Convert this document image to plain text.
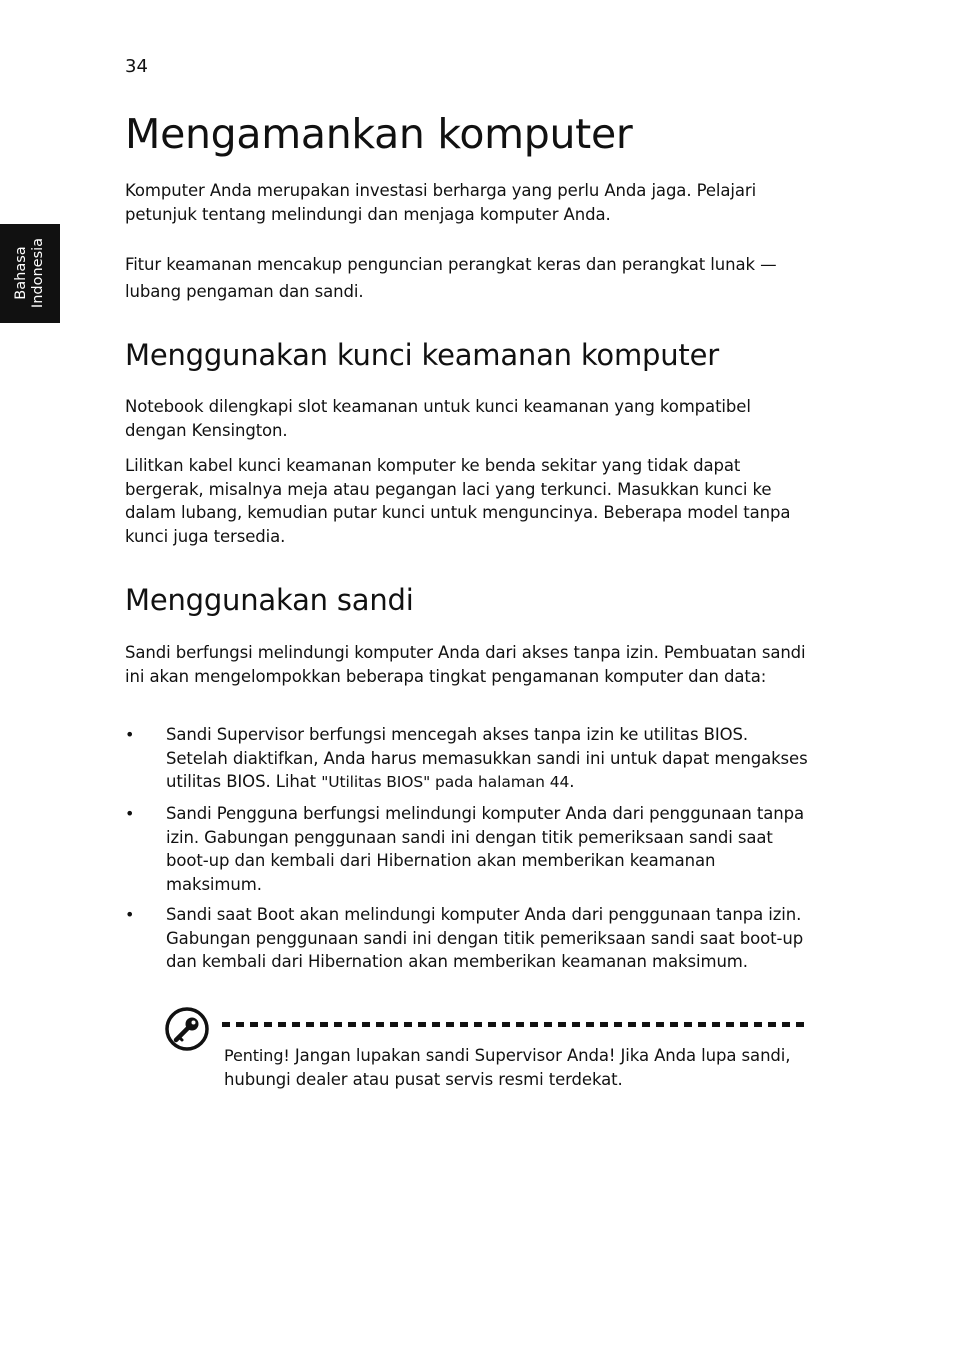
34
Bahasa Indonesia
Mengamankan komputer

Komputer Anda merupakan investasi berharga yang perlu Anda jaga. Pelajari petunjuk tentang melindungi dan menjaga komputer Anda.

Fitur keamanan mencakup penguncian perangkat keras dan perangkat lunak — lubang pengaman dan sandi.

Menggunakan kunci keamanan komputer

Notebook dilengkapi slot keamanan untuk kunci keamanan yang kompatibel dengan Kensington.

Lilitkan kabel kunci keamanan komputer ke benda sekitar yang tidak dapat bergerak, misalnya meja atau pegangan laci yang terkunci. Masukkan kunci ke dalam lubang, kemudian putar kunci untuk menguncinya. Beberapa model tanpa kunci juga tersedia.

Menggunakan sandi

Sandi berfungsi melindungi komputer Anda dari akses tanpa izin. Pembuatan sandi ini akan mengelompokkan beberapa tingkat pengamanan komputer dan data:

• Sandi Supervisor berfungsi mencegah akses tanpa izin ke utilitas BIOS. Setelah diaktifkan, Anda harus memasukkan sandi ini untuk dapat mengakses utilitas BIOS. Lihat "Utilitas BIOS" pada halaman 44.

• Sandi Pengguna berfungsi melindungi komputer Anda dari penggunaan tanpa izin. Gabungan penggunaan sandi ini dengan titik pemeriksaan sandi saat boot-up dan kembali dari Hibernation akan memberikan keamanan maksimum.

• Sandi saat Boot akan melindungi komputer Anda dari penggunaan tanpa izin. Gabungan penggunaan sandi ini dengan titik pemeriksaan sandi saat boot-up dan kembali dari Hibernation akan memberikan keamanan maksimum.

Penting! Jangan lupakan sandi Supervisor Anda! Jika Anda lupa sandi, hubungi dealer atau pusat servis resmi terdekat.
